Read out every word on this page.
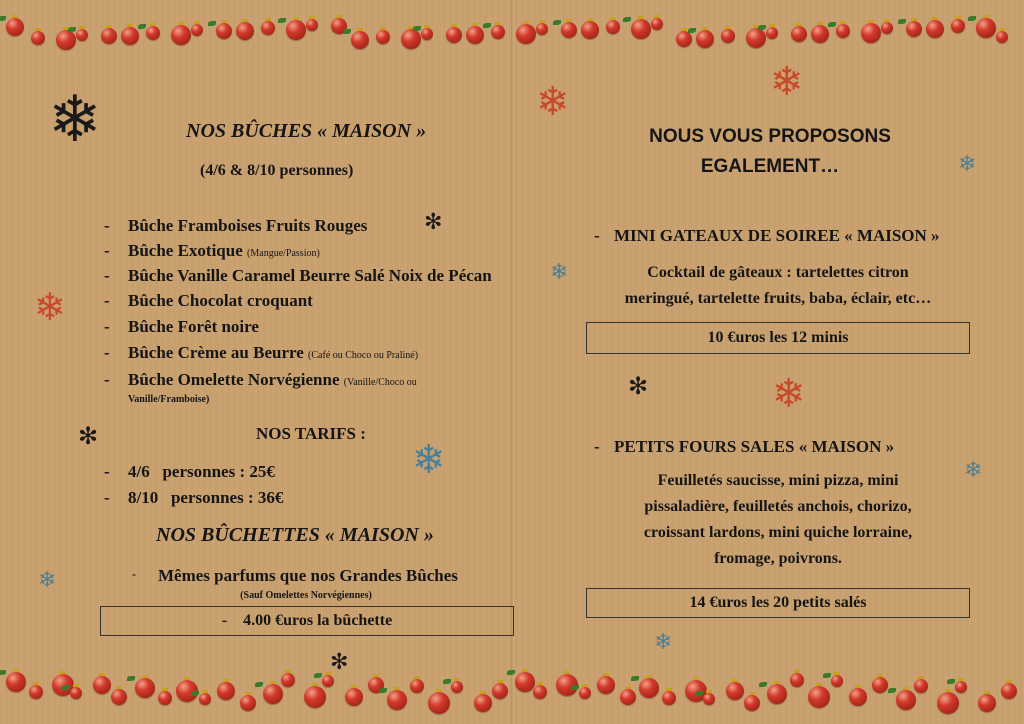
❄
✻
❄
✻
❄
❄
✻
❄	❄
❄
❄
✻	❄
❄
❄
NOS BÛCHES « MAISON »
(4/6 & 8/10 personnes)
- Bûche Framboises Fruits Rouges
- Bûche Exotique (Mangue/Passion)
- Bûche Vanille Caramel Beurre Salé Noix de Pécan
- Bûche Chocolat croquant
- Bûche Forêt noire
- Bûche Crème au Beurre (Café ou Choco ou Praliné)
- Bûche Omelette Norvégienne (Vanille/Choco ou
Vanille/Framboise)
NOS TARIFS :
- 4/6   personnes : 25€
- 8/10   personnes : 36€
NOS BÛCHETTES « MAISON »
- Mêmes parfums que nos Grandes Bûches
(Sauf Omelettes Norvégiennes)
-    4.00 €uros la bûchette
NOUS VOUS PROPOSONS
EGALEMENT…
- MINI GATEAUX DE SOIREE « MAISON »
Cocktail de gâteaux : tartelettes citron
meringué, tartelette fruits, baba, éclair, etc…
10 €uros les 12 minis
- PETITS FOURS SALES « MAISON »
Feuilletés saucisse, mini pizza, mini
pissaladière, feuilletés anchois, chorizo,
croissant lardons, mini quiche lorraine,
fromage, poivrons.
14 €uros les 20 petits salés
